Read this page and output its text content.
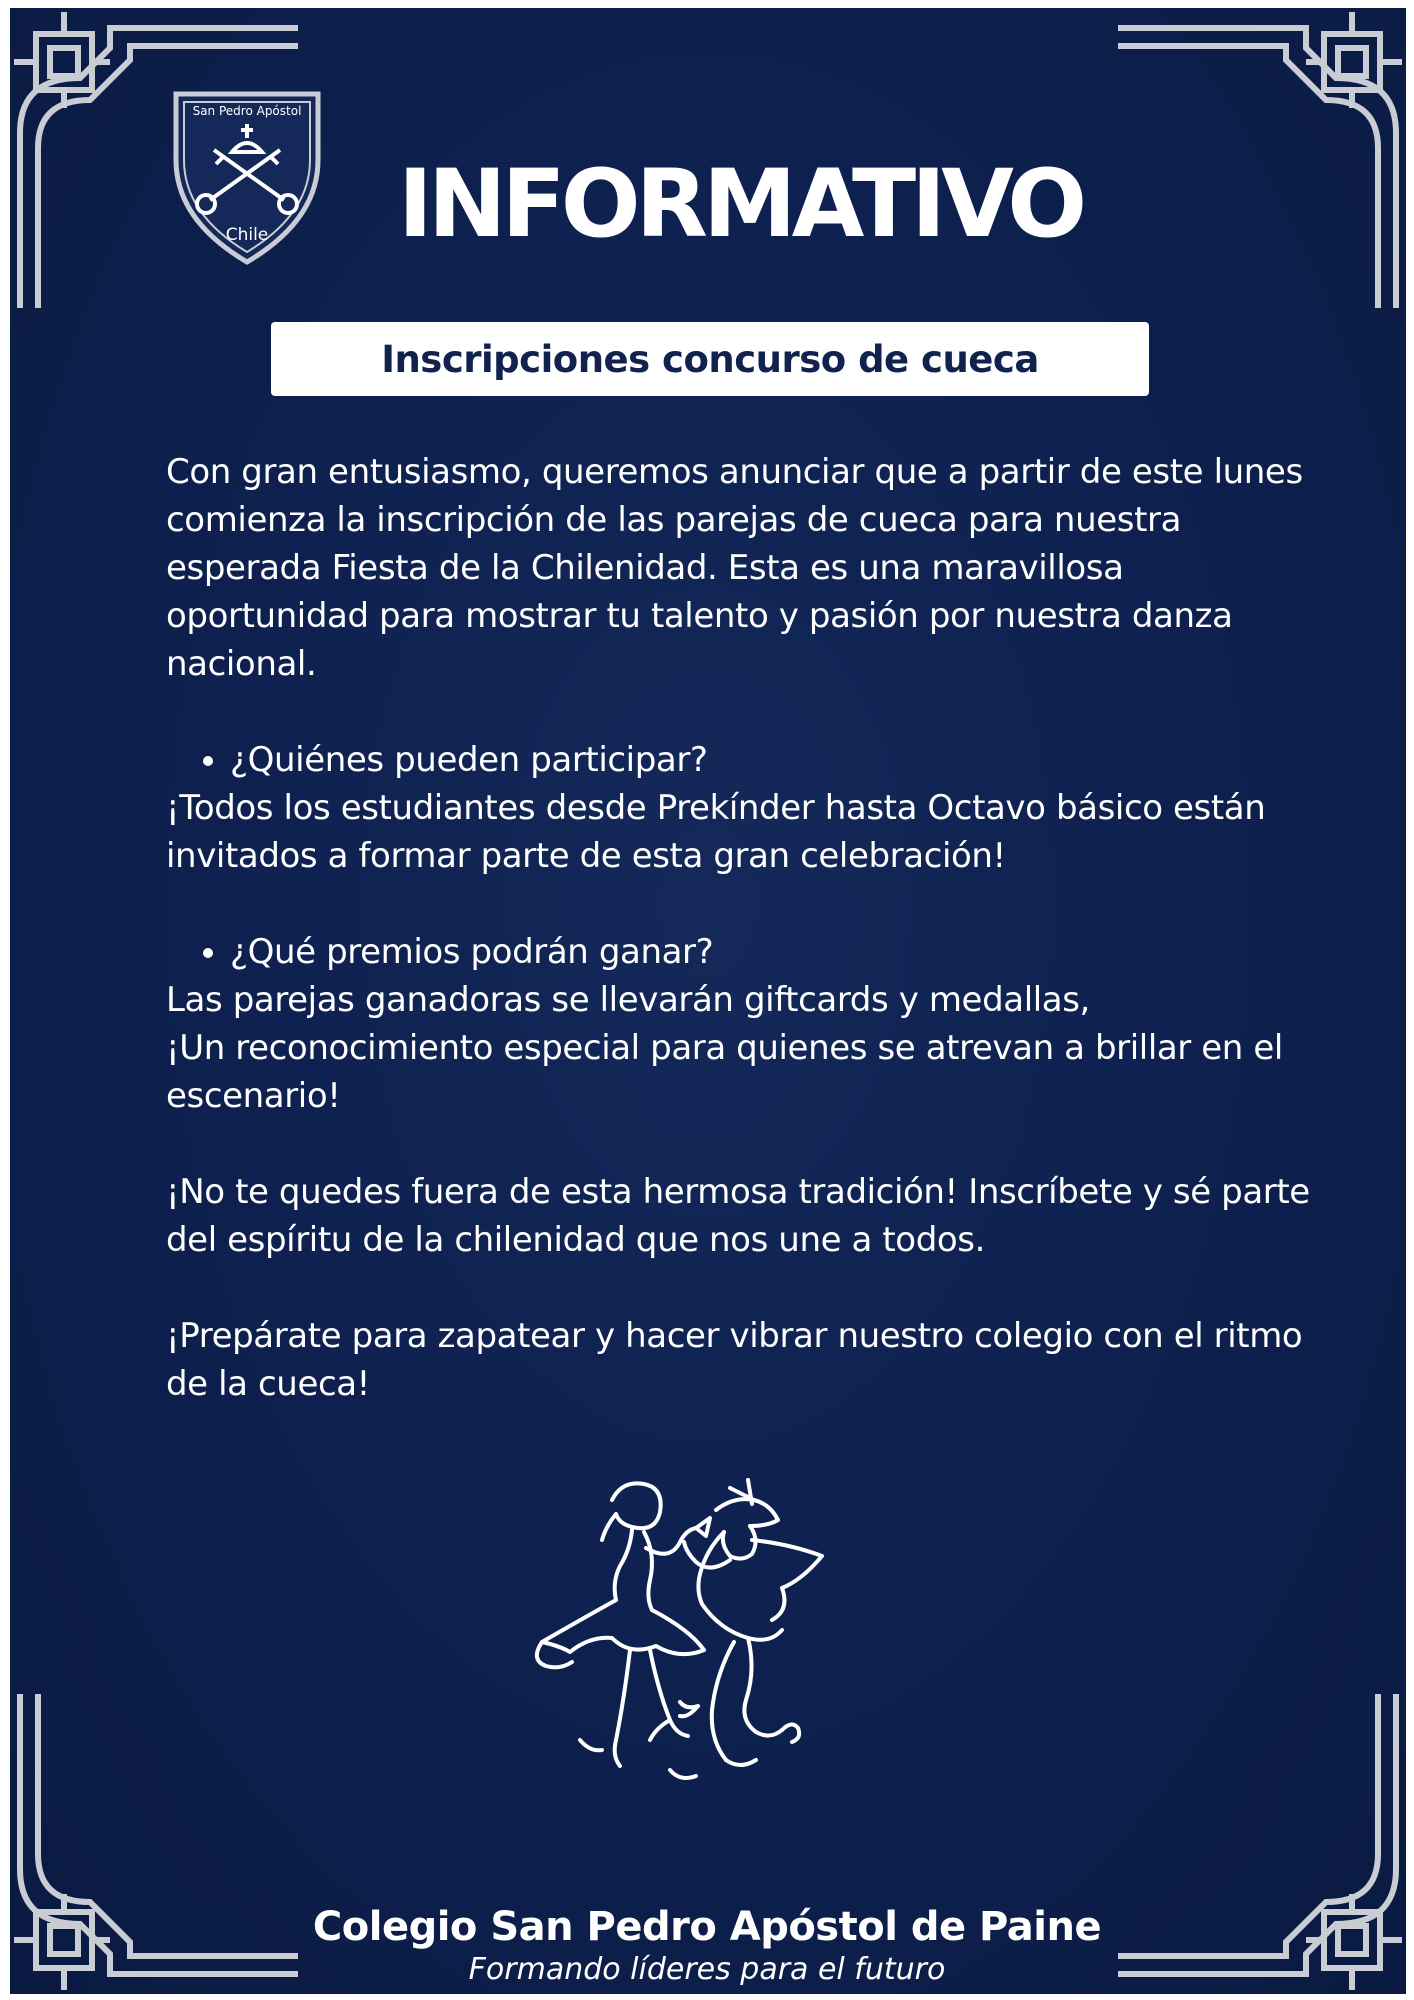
San Pedro Apóstol
Chile	INFORMATIVO
Inscripciones concurso de cueca

Con gran entusiasmo, queremos anunciar que a partir de este lunes comienza la inscripción de las parejas de cueca para nuestra esperada Fiesta de la Chilenidad. Esta es una maravillosa oportunidad para mostrar tu talento y pasión por nuestra danza nacional.

• ¿Quiénes pueden participar?

¡Todos los estudiantes desde Prekínder hasta Octavo básico están invitados a formar parte de esta gran celebración!

• ¿Qué premios podrán ganar?

Las parejas ganadoras se llevarán giftcards y medallas,

¡Un reconocimiento especial para quienes se atrevan a brillar en el escenario!

¡No te quedes fuera de esta hermosa tradición! Inscríbete y sé parte del espíritu de la chilenidad que nos une a todos.

¡Prepárate para zapatear y hacer vibrar nuestro colegio con el ritmo de la cueca!

Colegio San Pedro Apóstol de Paine
Formando líderes para el futuro
